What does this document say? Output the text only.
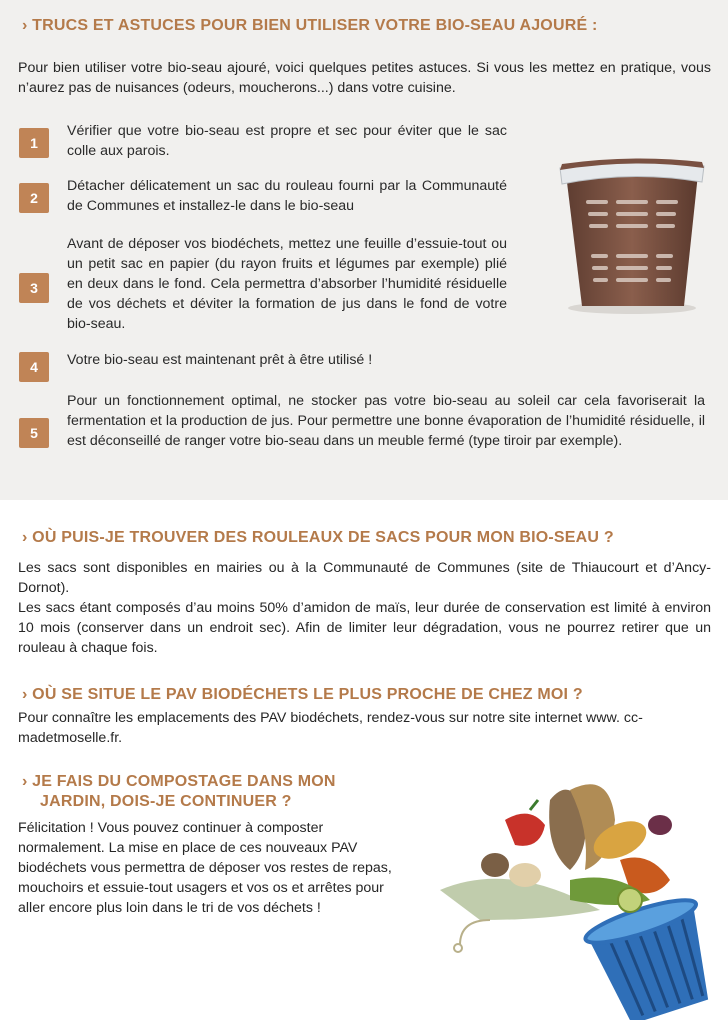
› TRUCS ET ASTUCES POUR BIEN UTILISER VOTRE BIO-SEAU AJOURÉ :

Pour bien utiliser votre bio-seau ajouré, voici quelques petites astuces. Si vous les mettez en pratique, vous n’aurez pas de nuisances (odeurs, moucherons...) dans votre cuisine.

1

Vérifier que votre bio-seau est propre et sec pour éviter que le sac colle aux parois.

2

Détacher délicatement un sac du rouleau fourni par la Communauté de Communes et installez-le dans le bio-seau

3

Avant de déposer vos biodéchets, mettez une feuille d’essuie-tout ou un petit sac en papier (du rayon fruits et légumes par exemple) plié en deux dans le fond. Cela permettra d’absorber l’humidité résiduelle de vos déchets et déviter la formation de jus dans le fond de votre bio-seau.

4	Votre bio-seau est maintenant prêt à être utilisé !

5

Pour un fonctionnement optimal, ne stocker pas votre bio-seau au soleil car cela favoriserait la fermentation et la production de jus. Pour permettre une bonne évaporation de l’humidité résiduelle, il est déconseillé de ranger votre bio-seau dans un meuble fermé (type tiroir par exemple).

› OÙ PUIS-JE TROUVER DES ROULEAUX DE SACS POUR MON BIO-SEAU ?

Les sacs sont disponibles en mairies ou à la Communauté de Communes (site de Thiaucourt et d’Ancy-Dornot).

Les sacs étant composés d’au moins 50% d’amidon de maïs, leur durée de conservation est limité à environ 10 mois (conserver dans un endroit sec). Afin de limiter leur dégradation, vous ne pourrez retirer que un rouleau à chaque fois.

› OÙ SE SITUE LE PAV BIODÉCHETS LE PLUS PROCHE DE CHEZ MOI ?

Pour connaître les emplacements des PAV biodéchets, rendez-vous sur notre site internet www. cc-madetmoselle.fr.

› JE FAIS DU COMPOSTAGE DANS MON
JARDIN, DOIS-JE CONTINUER ?

Félicitation ! Vous pouvez continuer à composter normalement. La mise en place de ces nouveaux PAV biodéchets vous permettra de déposer vos restes de repas, mouchoirs et essuie-tout usagers et vos os et arrêtes pour aller encore plus loin dans le tri de vos déchets !
